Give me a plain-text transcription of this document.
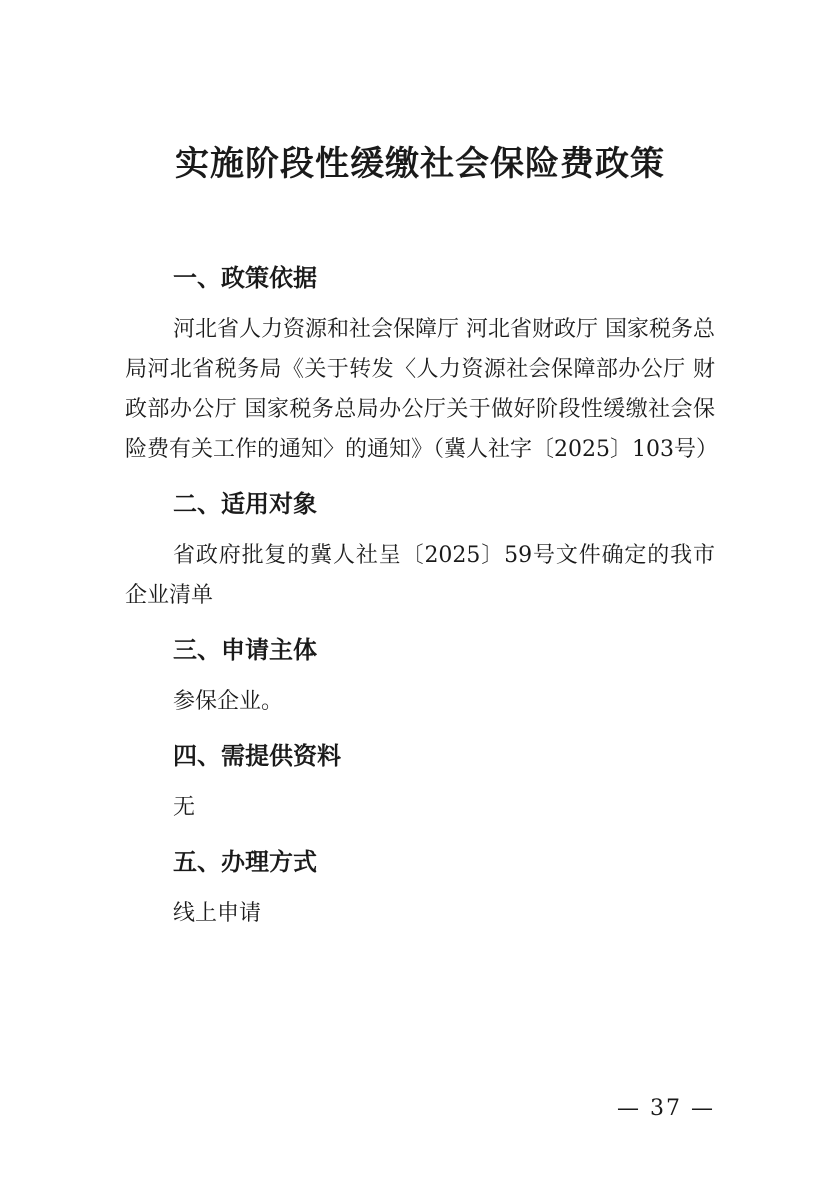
实施阶段性缓缴社会保险费政策

一、政策依据

河北省人力资源和社会保障厅 河北省财政厅 国家税务总局河北省税务局《关于转发〈人力资源社会保障部办公厅 财政部办公厅 国家税务总局办公厅关于做好阶段性缓缴社会保险费有关工作的通知〉的通知》（冀人社字〔2025〕103号）

二、适用对象

省政府批复的冀人社呈〔2025〕59号文件确定的我市企业清单

三、申请主体

参保企业。

四、需提供资料

无

五、办理方式

线上申请

— 37 —
